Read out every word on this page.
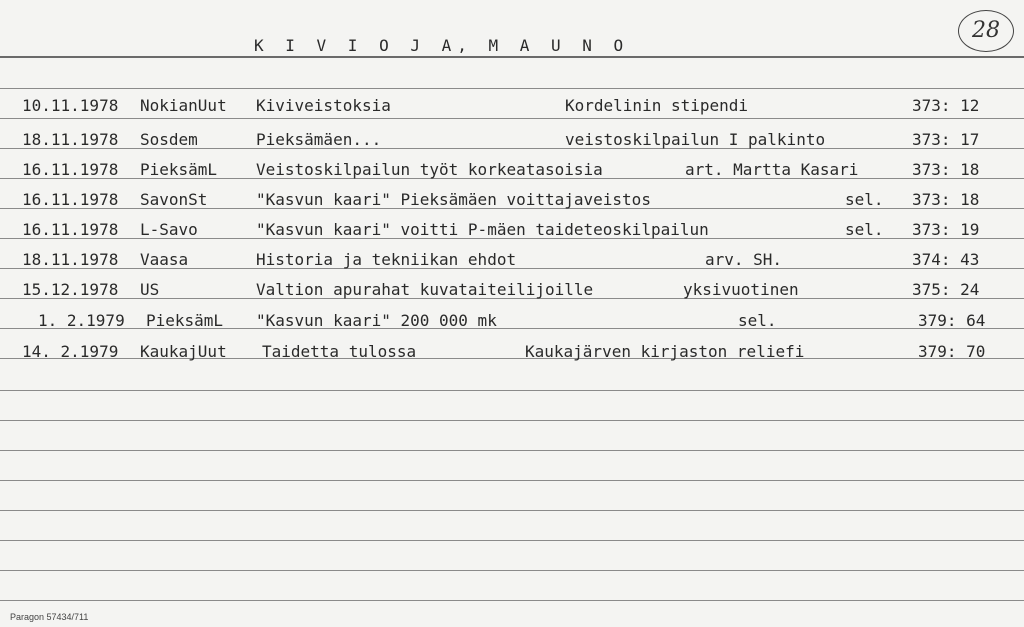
K I V I O J A, M A U N O
28
10.11.1978 NokianUut Kiviveistoksia	Kordelinin stipendi	373: 12
18.11.1978 Sosdem	Pieksämäen...	veistoskilpailun I palkinto	373: 17
16.11.1978 PieksämL Veistoskilpailun työt korkeatasoisia	art. Martta Kasari	373: 18
16.11.1978 SavonSt	"Kasvun kaari" Pieksämäen voittajaveistos	sel. 373: 18
16.11.1978 L-Savo	"Kasvun kaari" voitti P-mäen taideteoskilpailun	sel. 373: 19
18.11.1978 Vaasa	Historia ja tekniikan ehdot	arv. SH.	374: 43
15.12.1978 US	Valtion apurahat kuvataiteilijoille	yksivuotinen	375: 24
1. 2.1979 PieksämL "Kasvun kaari" 200 000 mk	sel.	379: 64
14. 2.1979 KaukajUut Taidetta tulossa	Kaukajärven kirjaston reliefi	379: 70
Paragon 57434/711
